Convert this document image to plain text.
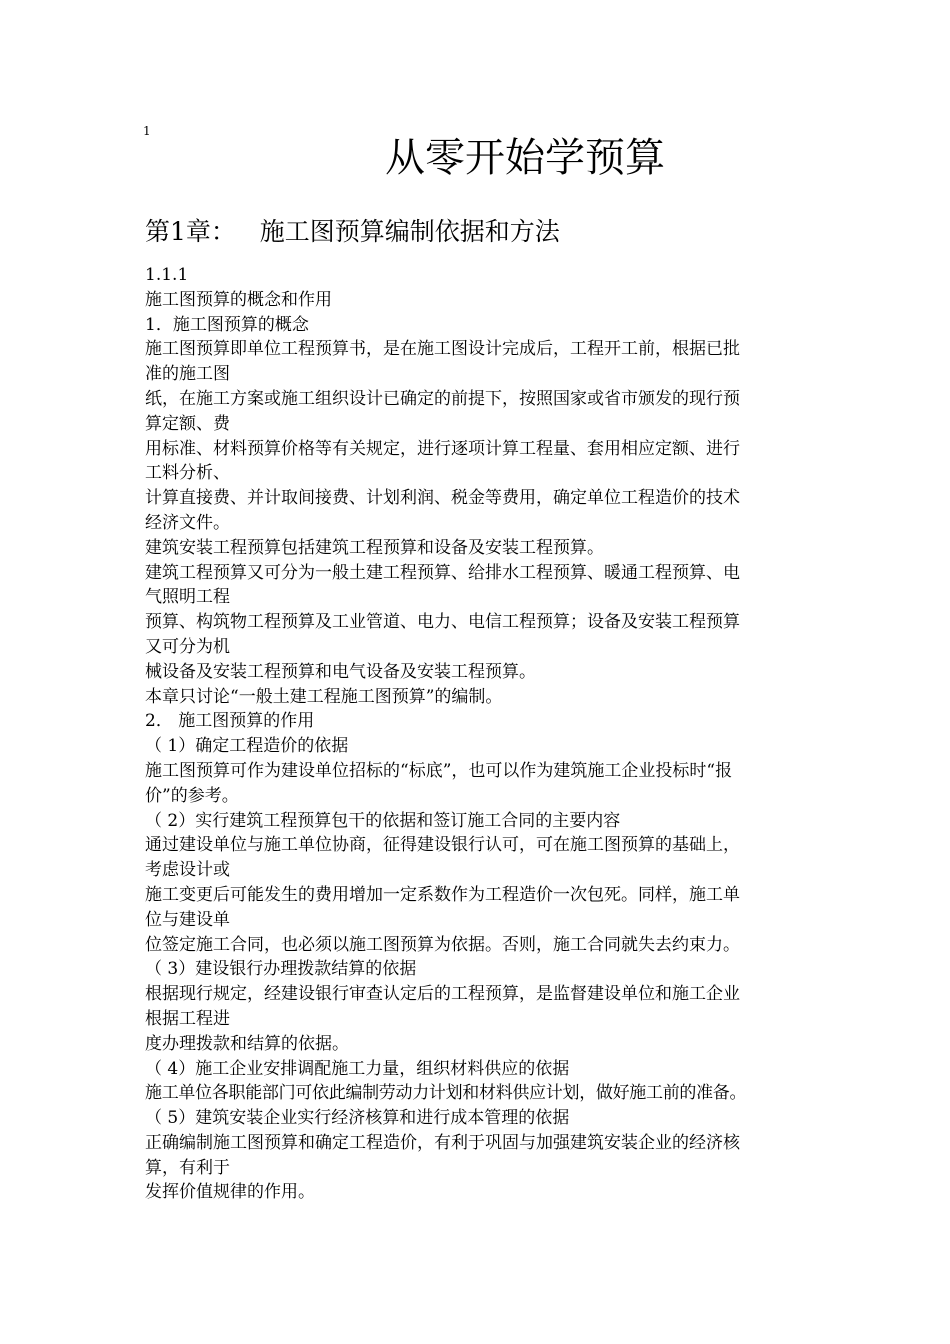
1
从零开始学预算
第1章：   施工图预算编制依据和方法
1.1.1
施工图预算的概念和作用
1．施工图预算的概念
施工图预算即单位工程预算书，是在施工图设计完成后，工程开工前，根据已批
准的施工图
纸，在施工方案或施工组织设计已确定的前提下，按照国家或省市颁发的现行预
算定额、费
用标准、材料预算价格等有关规定，进行逐项计算工程量、套用相应定额、进行
工料分析、
计算直接费、并计取间接费、计划利润、税金等费用，确定单位工程造价的技术
经济文件。
建筑安装工程预算包括建筑工程预算和设备及安装工程预算。
建筑工程预算又可分为一般土建工程预算、给排水工程预算、暖通工程预算、电
气照明工程
预算、构筑物工程预算及工业管道、电力、电信工程预算；设备及安装工程预算
又可分为机
械设备及安装工程预算和电气设备及安装工程预算。
本章只讨论“一般土建工程施工图预算”的编制。
2． 施工图预算的作用
（ 1）确定工程造价的依据
施工图预算可作为建设单位招标的“标底”，也可以作为建筑施工企业投标时“报
价”的参考。
（ 2）实行建筑工程预算包干的依据和签订施工合同的主要内容
通过建设单位与施工单位协商，征得建设银行认可，可在施工图预算的基础上，
考虑设计或
施工变更后可能发生的费用增加一定系数作为工程造价一次包死。同样，施工单
位与建设单
位签定施工合同，也必须以施工图预算为依据。否则，施工合同就失去约束力。
（ 3）建设银行办理拨款结算的依据
根据现行规定，经建设银行审查认定后的工程预算，是监督建设单位和施工企业
根据工程进
度办理拨款和结算的依据。
（ 4）施工企业安排调配施工力量，组织材料供应的依据
施工单位各职能部门可依此编制劳动力计划和材料供应计划，做好施工前的准备。
（ 5）建筑安装企业实行经济核算和进行成本管理的依据
正确编制施工图预算和确定工程造价，有利于巩固与加强建筑安装企业的经济核
算，有利于
发挥价值规律的作用。
